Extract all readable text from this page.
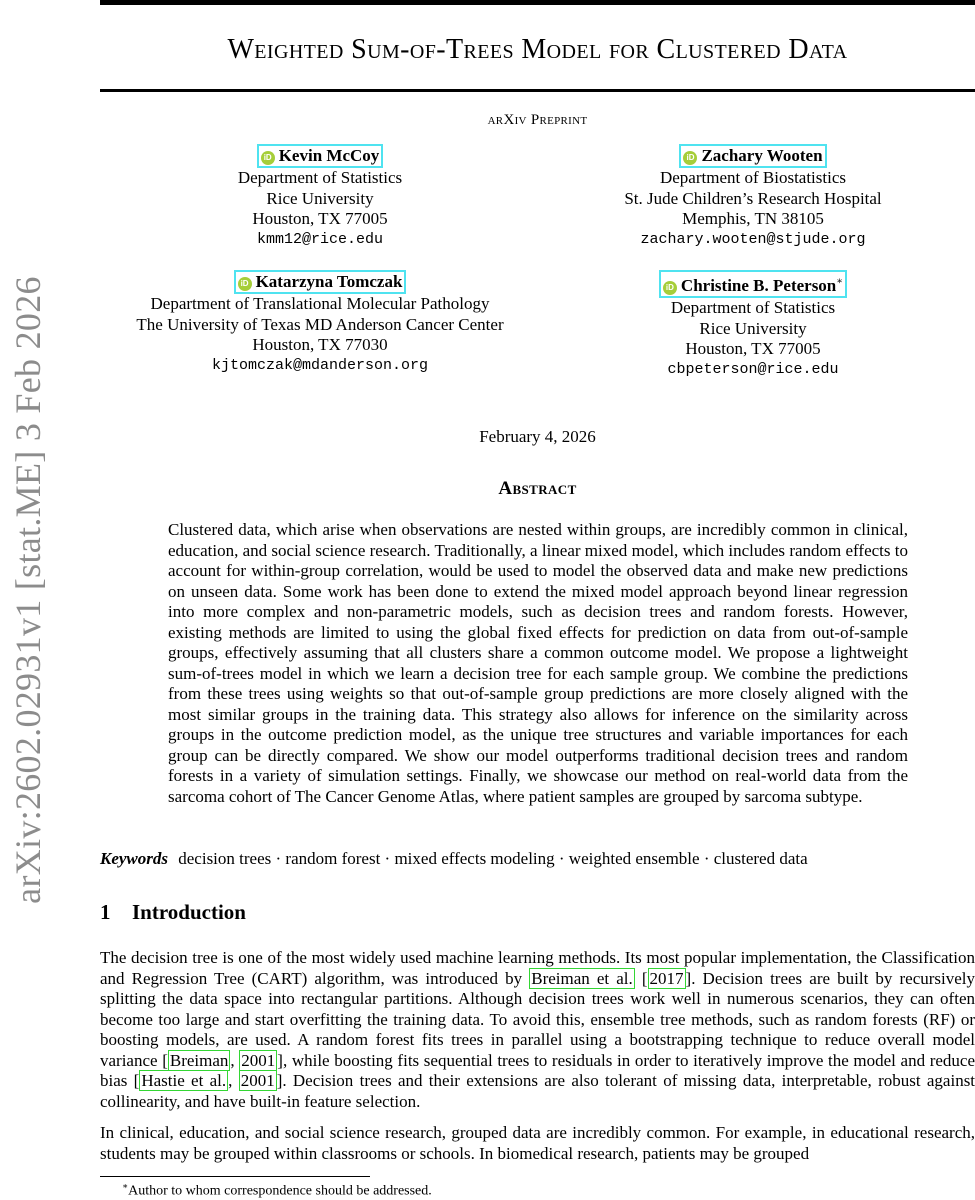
arXiv:2602.02931v1 [stat.ME] 3 Feb 2026
Weighted Sum-of-Trees Model for Clustered Data
arXiv Preprint
iD Kevin McCoy
Department of Statistics
Rice University
Houston, TX 77005
kmm12@rice.edu
iD Zachary Wooten
Department of Biostatistics
St. Jude Children’s Research Hospital
Memphis, TN 38105
zachary.wooten@stjude.org
iD Katarzyna Tomczak
Department of Translational Molecular Pathology
The University of Texas MD Anderson Cancer Center
Houston, TX 77030
kjtomczak@mdanderson.org
iD Christine B. Peterson∗
Department of Statistics
Rice University
Houston, TX 77005
cbpeterson@rice.edu
February 4, 2026
Abstract
Clustered data, which arise when observations are nested within groups, are incredibly common in clinical, education, and social science research. Traditionally, a linear mixed model, which includes random effects to account for within-group correlation, would be used to model the observed data and make new predictions on unseen data. Some work has been done to extend the mixed model approach beyond linear regression into more complex and non-parametric models, such as decision trees and random forests. However, existing methods are limited to using the global fixed effects for prediction on data from out-of-sample groups, effectively assuming that all clusters share a common outcome model. We propose a lightweight sum-of-trees model in which we learn a decision tree for each sample group. We combine the predictions from these trees using weights so that out-of-sample group predictions are more closely aligned with the most similar groups in the training data. This strategy also allows for inference on the similarity across groups in the outcome prediction model, as the unique tree structures and variable importances for each group can be directly compared. We show our model outperforms traditional decision trees and random forests in a variety of simulation settings. Finally, we showcase our method on real-world data from the sarcoma cohort of The Cancer Genome Atlas, where patient samples are grouped by sarcoma subtype.
Keywords decision trees · random forest · mixed effects modeling · weighted ensemble · clustered data
1 Introduction

The decision tree is one of the most widely used machine learning methods. Its most popular implementation, the Classification and Regression Tree (CART) algorithm, was introduced by Breiman et al. [ 2017 ]. Decision trees are built by recursively splitting the data space into rectangular partitions. Although decision trees work well in numerous scenarios, they can often become too large and start overfitting the training data. To avoid this, ensemble tree methods, such as random forests (RF) or boosting models, are used. A random forest fits trees in parallel using a bootstrapping technique to reduce overall model variance [ Breiman , 2001 ], while boosting fits sequential trees to residuals in order to iteratively improve the model and reduce bias [ Hastie et al. , 2001 ]. Decision trees and their extensions are also tolerant of missing data, interpretable, robust against collinearity, and have built-in feature selection.

In clinical, education, and social science research, grouped data are incredibly common. For example, in educational research, students may be grouped within classrooms or schools. In biomedical research, patients may be grouped

∗Author to whom correspondence should be addressed.
